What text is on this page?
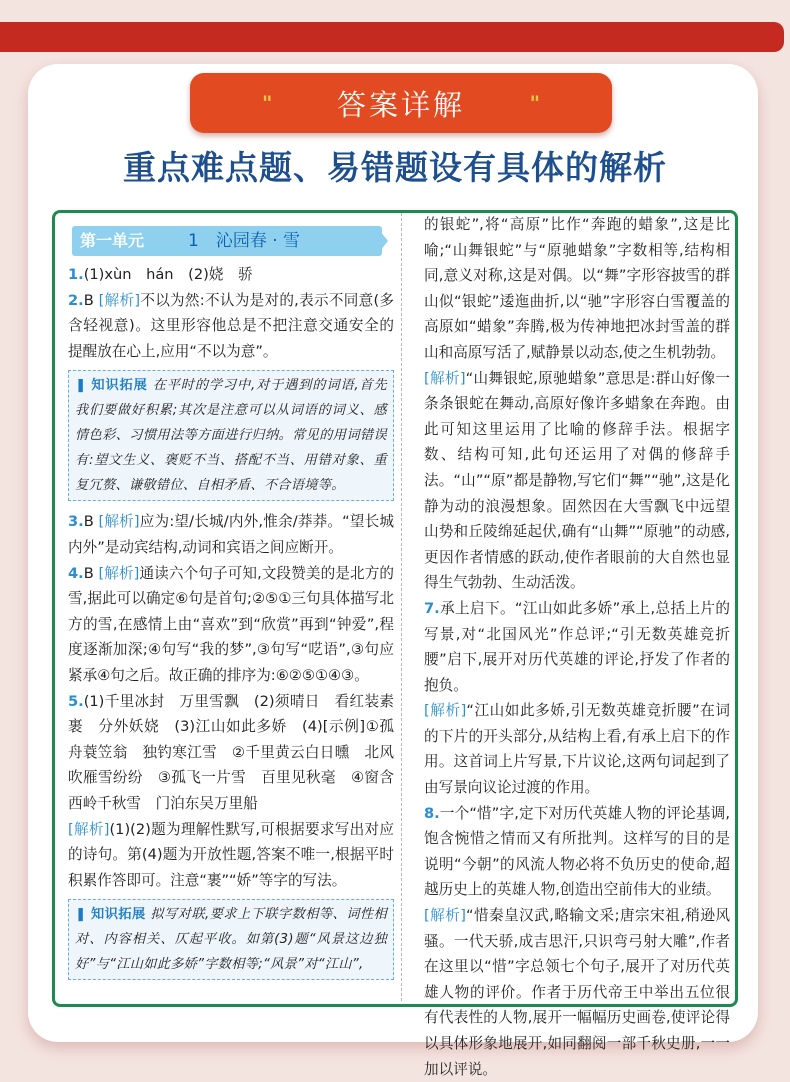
" 答案详解	"
重点难点题、易错题设有具体的解析
第一单元	1　沁园春 · 雪

1.(1)xùn　hán　(2)娆　骄

2.B [解析]不以为然:不认为是对的,表示不同意(多含轻视意)。这里形容他总是不把注意交通安全的提醒放在心上,应用“不以为意”。

❚ 知识拓展 在平时的学习中,对于遇到的词语,首先我们要做好积累;其次是注意可以从词语的词义、感情色彩、习惯用法等方面进行归纳。常见的用词错误有:望文生义、褒贬不当、搭配不当、用错对象、重复冗赘、谦敬错位、自相矛盾、不合语境等。

3.B [解析]应为:望/长城/内外,惟余/莽莽。“望长城内外”是动宾结构,动词和宾语之间应断开。

4.B [解析]通读六个句子可知,文段赞美的是北方的雪,据此可以确定⑥句是首句;②⑤①三句具体描写北方的雪,在感情上由“喜欢”到“欣赏”再到“钟爱”,程度逐渐加深;④句写“我的梦”,③句写“呓语”,③句应紧承④句之后。故正确的排序为:⑥②⑤①④③。

5.(1)千里冰封　万里雪飘　(2)须晴日　看红装素裹　分外妖娆　(3)江山如此多娇　(4)[示例]①孤舟蓑笠翁　独钓寒江雪　②千里黄云白日曛　北风吹雁雪纷纷　③孤飞一片雪　百里见秋毫　④窗含西岭千秋雪　门泊东吴万里船

[解析](1)(2)题为理解性默写,可根据要求写出对应的诗句。第(4)题为开放性题,答案不唯一,根据平时积累作答即可。注意“裹”“娇”等字的写法。

❚ 知识拓展 拟写对联,要求上下联字数相等、词性相对、内容相关、仄起平收。如第(3)题“风景这边独好”与“江山如此多娇”字数相等;“风景”对“江山”,

的银蛇”,将“高原”比作“奔跑的蜡象”,这是比喻;“山舞银蛇”与“原驰蜡象”字数相等,结构相同,意义对称,这是对偶。以“舞”字形容披雪的群山似“银蛇”逶迤曲折,以“驰”字形容白雪覆盖的高原如“蜡象”奔腾,极为传神地把冰封雪盖的群山和高原写活了,赋静景以动态,使之生机勃勃。

[解析]“山舞银蛇,原驰蜡象”意思是:群山好像一条条银蛇在舞动,高原好像许多蜡象在奔跑。由此可知这里运用了比喻的修辞手法。根据字数、结构可知,此句还运用了对偶的修辞手法。“山”“原”都是静物,写它们“舞”“驰”,这是化静为动的浪漫想象。固然因在大雪飘飞中远望山势和丘陵绵延起伏,确有“山舞”“原驰”的动感,更因作者情感的跃动,使作者眼前的大自然也显得生气勃勃、生动活泼。

7.承上启下。“江山如此多娇”承上,总括上片的写景,对“北国风光”作总评;“引无数英雄竞折腰”启下,展开对历代英雄的评论,抒发了作者的抱负。

[解析]“江山如此多娇,引无数英雄竞折腰”在词的下片的开头部分,从结构上看,有承上启下的作用。这首词上片写景,下片议论,这两句词起到了由写景向议论过渡的作用。

8.一个“惜”字,定下对历代英雄人物的评论基调,饱含惋惜之情而又有所批判。这样写的目的是说明“今朝”的风流人物必将不负历史的使命,超越历史上的英雄人物,创造出空前伟大的业绩。

[解析]“惜秦皇汉武,略输文采;唐宗宋祖,稍逊风骚。一代天骄,成吉思汗,只识弯弓射大雕”,作者在这里以“惜”字总领七个句子,展开了对历代英雄人物的评价。作者于历代帝王中举出五位很有代表性的人物,展开一幅幅历史画卷,使评论得以具体形象地展开,如同翻阅一部千秋史册,一一加以评说。
